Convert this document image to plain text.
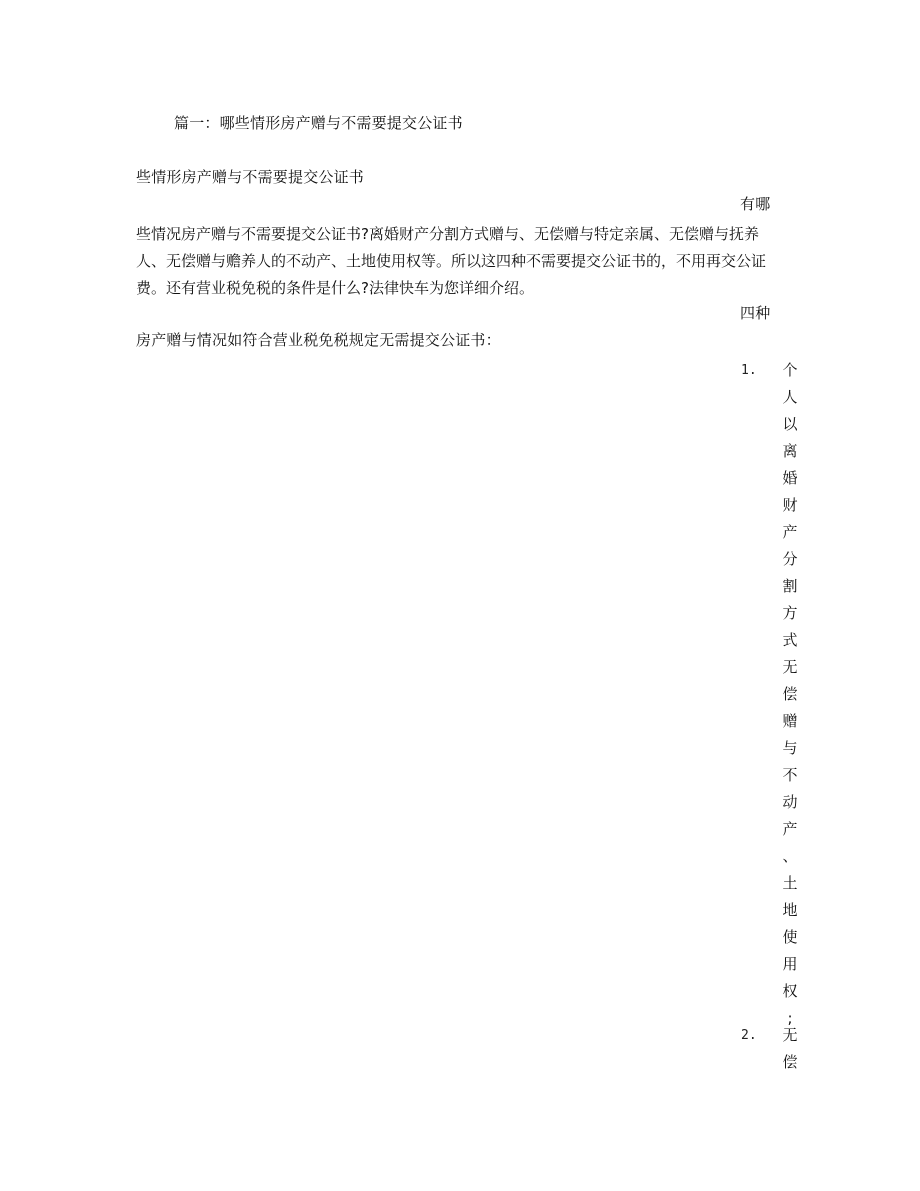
篇一：哪些情形房产赠与不需要提交公证书
些情形房产赠与不需要提交公证书
有哪
些情况房产赠与不需要提交公证书?离婚财产分割方式赠与、无偿赠与特定亲属、无偿赠与抚养人、无偿赠与赡养人的不动产、土地使用权等。所以这四种不需要提交公证书的，不用再交公证费。还有营业税免税的条件是什么?法律快车为您详细介绍。
四种
房产赠与情况如符合营业税免税规定无需提交公证书：
1. 个
人
以
离
婚
财
产
分
割
方
式
无
偿
赠
与
不
动
产
、
土
地
使
用
权
;
2. 无
偿
